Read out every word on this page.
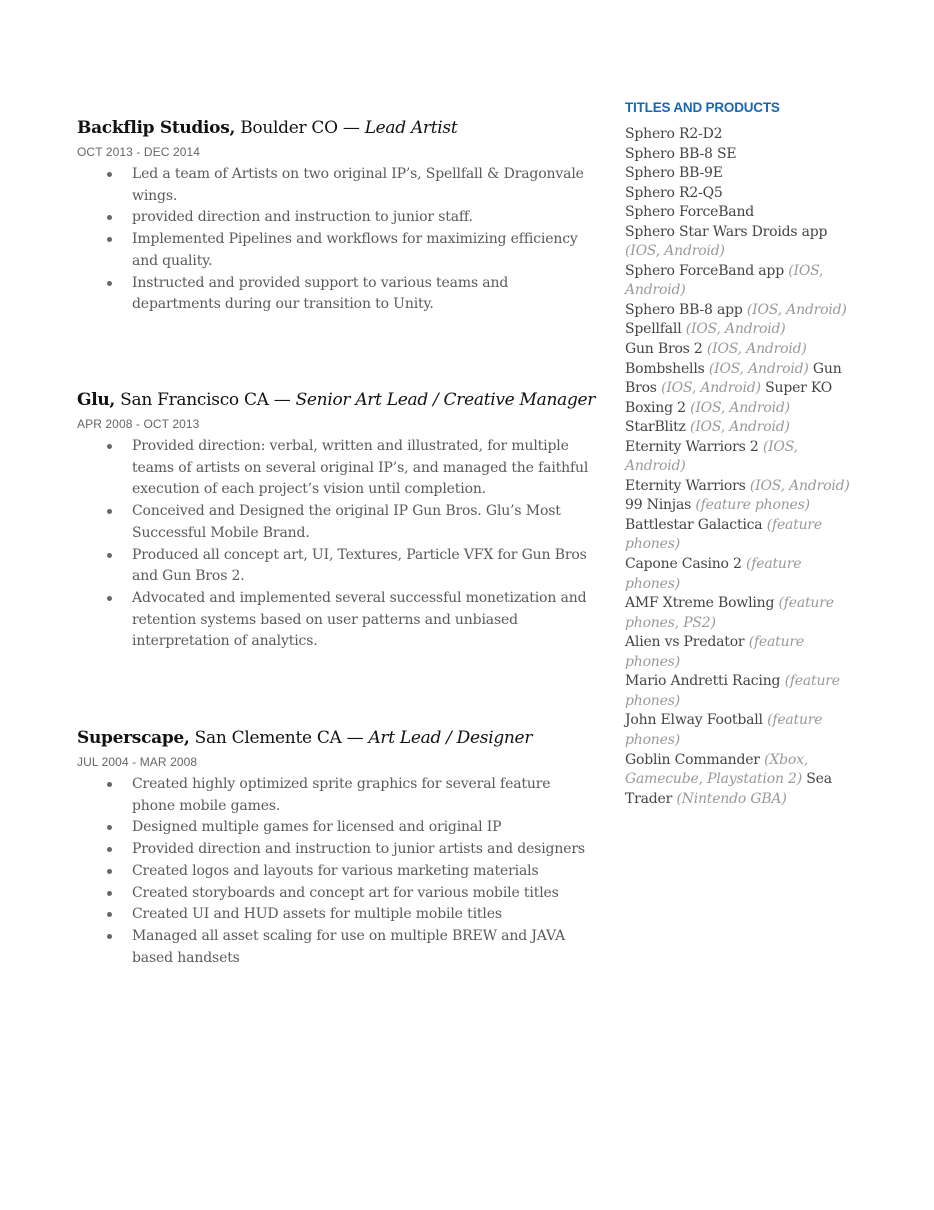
Backflip Studios, Boulder CO — Lead Artist
OCT 2013 - DEC 2014
Led a team of Artists on two original IP’s, Spellfall & Dragonvale wings.
provided direction and instruction to junior staff.
Implemented Pipelines and workflows for maximizing efficiency and quality.
Instructed and provided support to various teams and departments during our transition to Unity.
Glu, San Francisco CA — Senior Art Lead / Creative Manager
APR 2008 - OCT 2013
Provided direction: verbal, written and illustrated, for multiple teams of artists on several original IP’s, and managed the faithful execution of each project’s vision until completion.
Conceived and Designed the original IP Gun Bros. Glu’s Most Successful Mobile Brand.
Produced all concept art, UI, Textures, Particle VFX for Gun Bros and Gun Bros 2.
Advocated and implemented several successful monetization and retention systems based on user patterns and unbiased interpretation of analytics.
Superscape, San Clemente CA — Art Lead / Designer
JUL 2004 - MAR 2008
Created highly optimized sprite graphics for several feature phone mobile games.
Designed multiple games for licensed and original IP
Provided direction and instruction to junior artists and designers
Created logos and layouts for various marketing materials
Created storyboards and concept art for various mobile titles
Created UI and HUD assets for multiple mobile titles
Managed all asset scaling for use on multiple BREW and JAVA based handsets
TITLES AND PRODUCTS
Sphero R2-D2
Sphero BB-8 SE
Sphero BB-9E
Sphero R2-Q5
Sphero ForceBand
Sphero Star Wars Droids app (IOS, Android)
Sphero ForceBand app (IOS, Android)
Sphero BB-8 app (IOS, Android)
Spellfall (IOS, Android)
Gun Bros 2 (IOS, Android)
Bombshells (IOS, Android) Gun Bros (IOS, Android) Super KO Boxing 2 (IOS, Android)
StarBlitz (IOS, Android)
Eternity Warriors 2 (IOS, Android)
Eternity Warriors (IOS, Android)
99 Ninjas (feature phones)
Battlestar Galactica (feature phones)
Capone Casino 2 (feature phones)
AMF Xtreme Bowling (feature phones, PS2)
Alien vs Predator (feature phones)
Mario Andretti Racing (feature phones)
John Elway Football (feature phones)
Goblin Commander (Xbox, Gamecube, Playstation 2) Sea Trader (Nintendo GBA)
